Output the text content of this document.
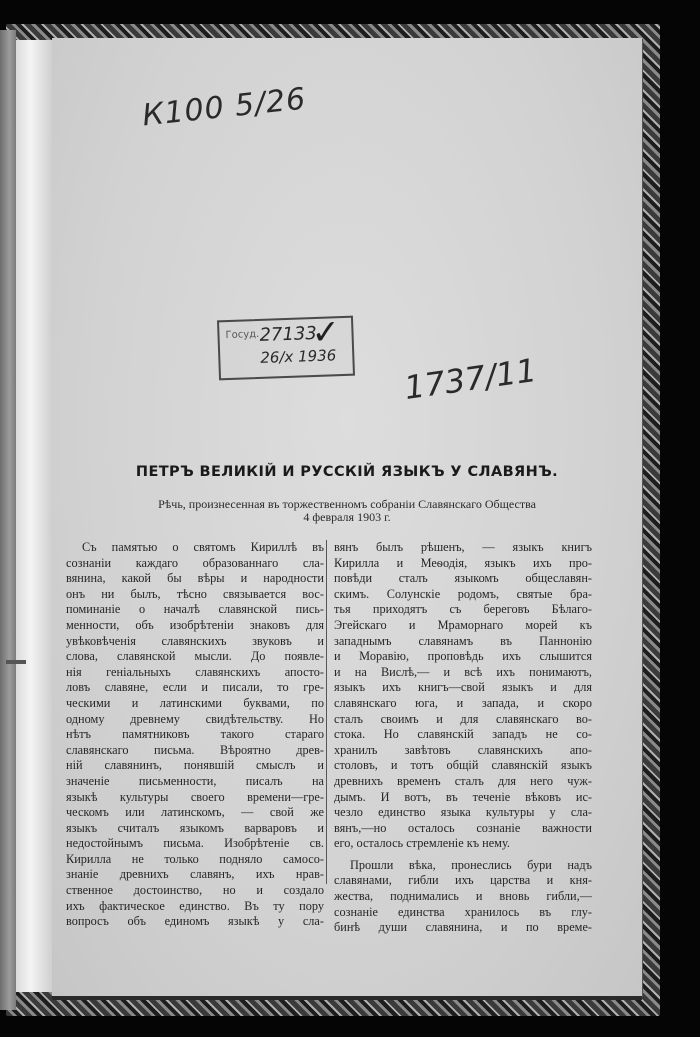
К100 5/26

Госуд. 27133
26/х 1936
✓

1737/11

ПЕТРЪ ВЕЛИКІЙ И РУССКІЙ ЯЗЫКЪ У СЛАВЯНЪ.

Рѣчь, произнесенная въ торжественномъ собраніи Славянскаго Общества
4 февраля 1903 г.

Съ памятью о святомъ Кириллѣ въ
сознаніи каждаго образованнаго сла-
вянина, какой бы вѣры и народности
онъ ни былъ, тѣсно связывается вос-
поминаніе о началѣ славянской пись-
менности, объ изобрѣтеніи знаковъ для
увѣковѣченія славянскихъ звуковъ и
слова, славянской мысли. До появле-
нія геніальныхъ славянскихъ апосто-
ловъ славяне, если и писали, то гре-
ческими и латинскими буквами, по
одному древнему свидѣтельству. Но
нѣтъ памятниковъ такого стараго
славянскаго письма. Вѣроятно древ-
ній славянинъ, понявшій смыслъ и
значеніе письменности, писалъ на
языкѣ культуры своего времени—гре-
ческомъ или латинскомъ, — свой же
языкъ считалъ языкомъ варваровъ и
недостойнымъ письма. Изобрѣтеніе св.
Кирилла не только подняло самосо-
знаніе древнихъ славянъ, ихъ нрав-
ственное достоинство, но и создало
ихъ фактическое единство. Въ ту пору
вопросъ объ единомъ языкѣ у сла-
вянъ былъ рѣшенъ, — языкъ книгъ
Кирилла и Меѳодія, языкъ ихъ про-
повѣди сталъ языкомъ общеславян-
скимъ. Солунскіе родомъ, святые бра-
тья приходятъ съ береговъ Бѣлаго-
Эгейскаго и Мраморнаго морей къ
западнымъ славянамъ въ Паннонію
и Моравію, проповѣдь ихъ слышится
и на Вислѣ,— и всѣ ихъ понимаютъ,
языкъ ихъ книгъ—свой языкъ и для
славянскаго юга, и запада, и скоро
сталъ своимъ и для славянскаго во-
стока. Но славянскій западъ не со-
хранилъ завѣтовъ славянскихъ апо-
столовъ, и тотъ общій славянскій языкъ
древнихъ временъ сталъ для него чуж-
дымъ. И вотъ, въ теченіе вѣковъ ис-
чезло единство языка культуры у сла-
вянъ,—но осталось сознаніе важности
его, осталось стремленіе къ нему.
Прошли вѣка, пронеслись бури надъ
славянами, гибли ихъ царства и кня-
жества, поднимались и вновь гибли,—
сознаніе единства хранилось въ глу-
бинѣ души славянина, и по време-
